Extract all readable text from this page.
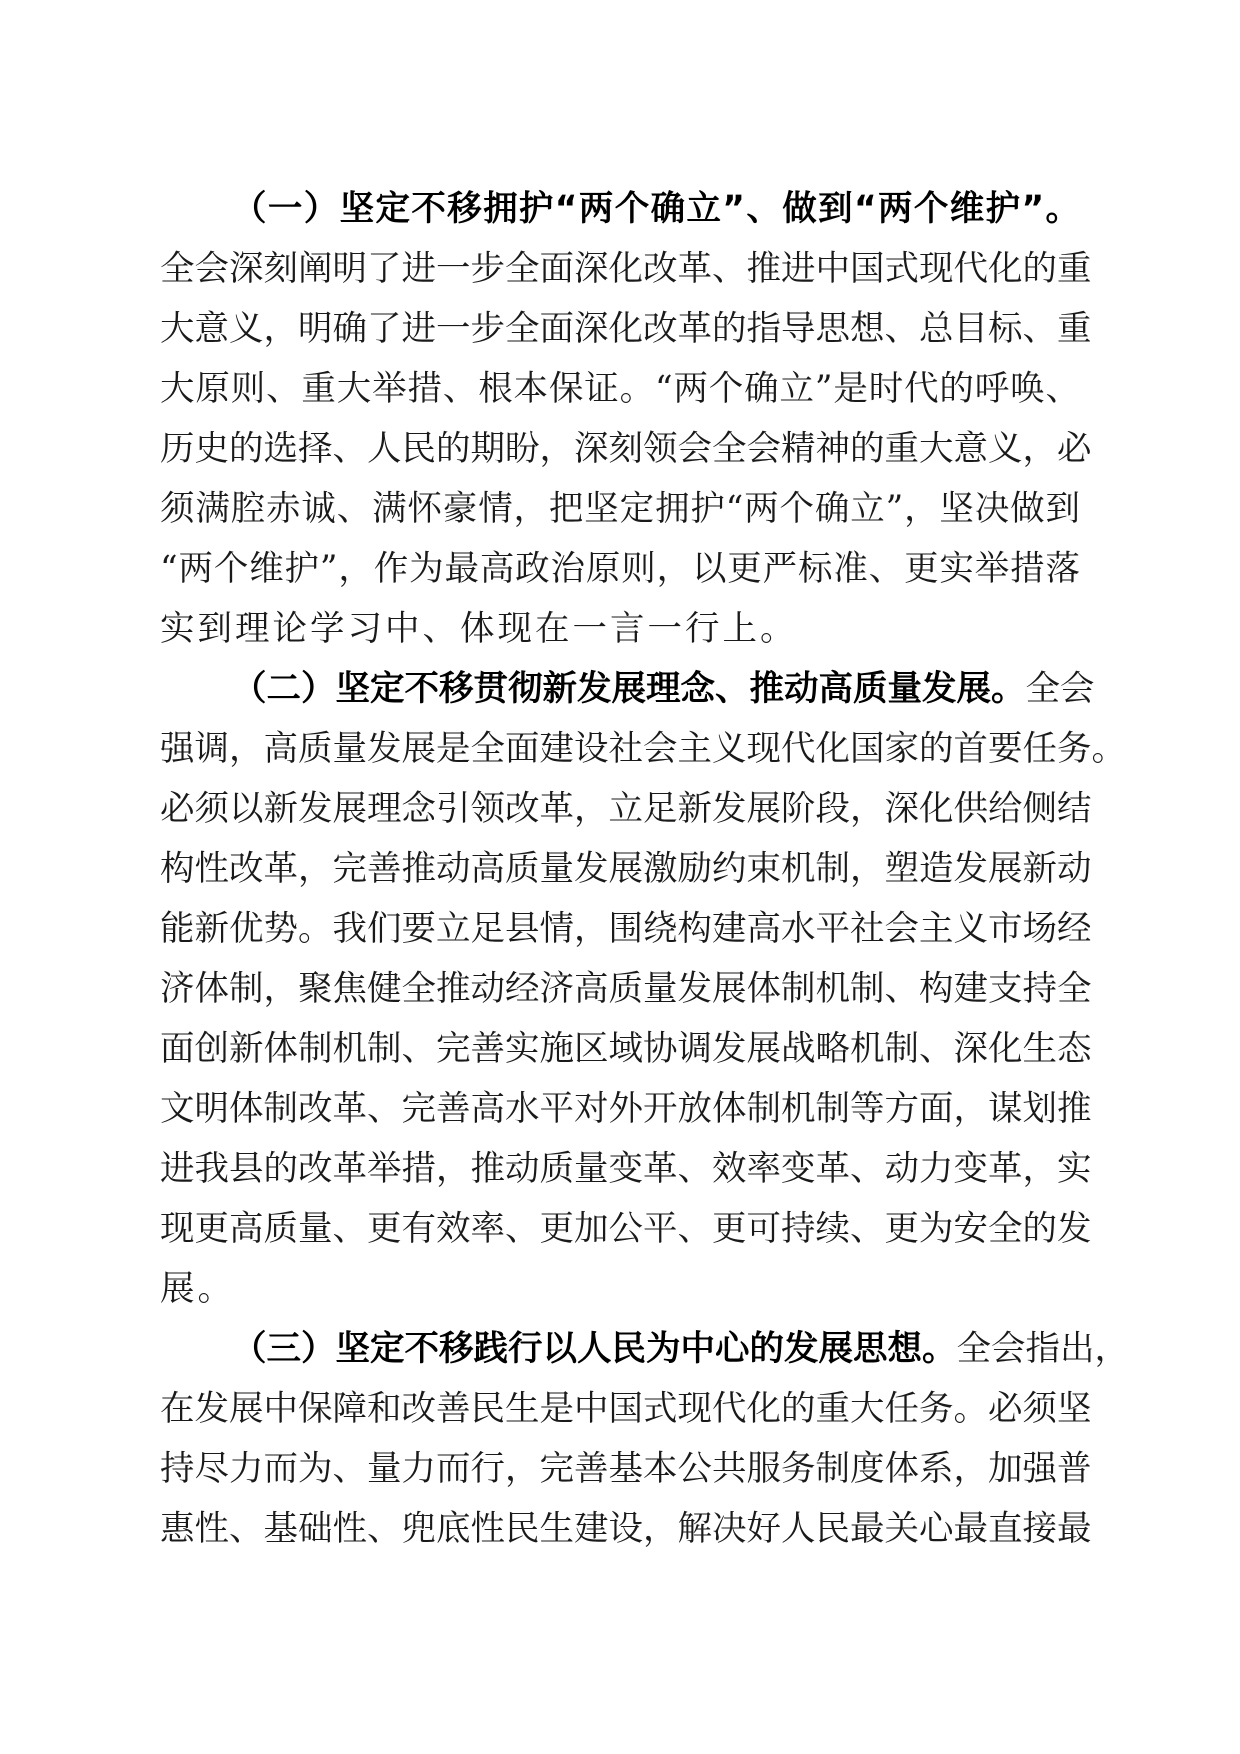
（一）坚定不移拥护“两个确立”、做到“两个维护”。
全会深刻阐明了进一步全面深化改革、推进中国式现代化的重
大意义，明确了进一步全面深化改革的指导思想、总目标、重
大原则、重大举措、根本保证。“两个确立”是时代的呼唤、
历史的选择、人民的期盼，深刻领会全会精神的重大意义，必
须满腔赤诚、满怀豪情，把坚定拥护“两个确立”，坚决做到
“两个维护”，作为最高政治原则，以更严标准、更实举措落
实到理论学习中、体现在一言一行上。
（二）坚定不移贯彻新发展理念、推动高质量发展。全会
强调，高质量发展是全面建设社会主义现代化国家的首要任务。
必须以新发展理念引领改革，立足新发展阶段，深化供给侧结
构性改革，完善推动高质量发展激励约束机制，塑造发展新动
能新优势。我们要立足县情，围绕构建高水平社会主义市场经
济体制，聚焦健全推动经济高质量发展体制机制、构建支持全
面创新体制机制、完善实施区域协调发展战略机制、深化生态
文明体制改革、完善高水平对外开放体制机制等方面，谋划推
进我县的改革举措，推动质量变革、效率变革、动力变革，实
现更高质量、更有效率、更加公平、更可持续、更为安全的发
展。
（三）坚定不移践行以人民为中心的发展思想。全会指出，
在发展中保障和改善民生是中国式现代化的重大任务。必须坚
持尽力而为、量力而行，完善基本公共服务制度体系，加强普
惠性、基础性、兜底性民生建设，解决好人民最关心最直接最
